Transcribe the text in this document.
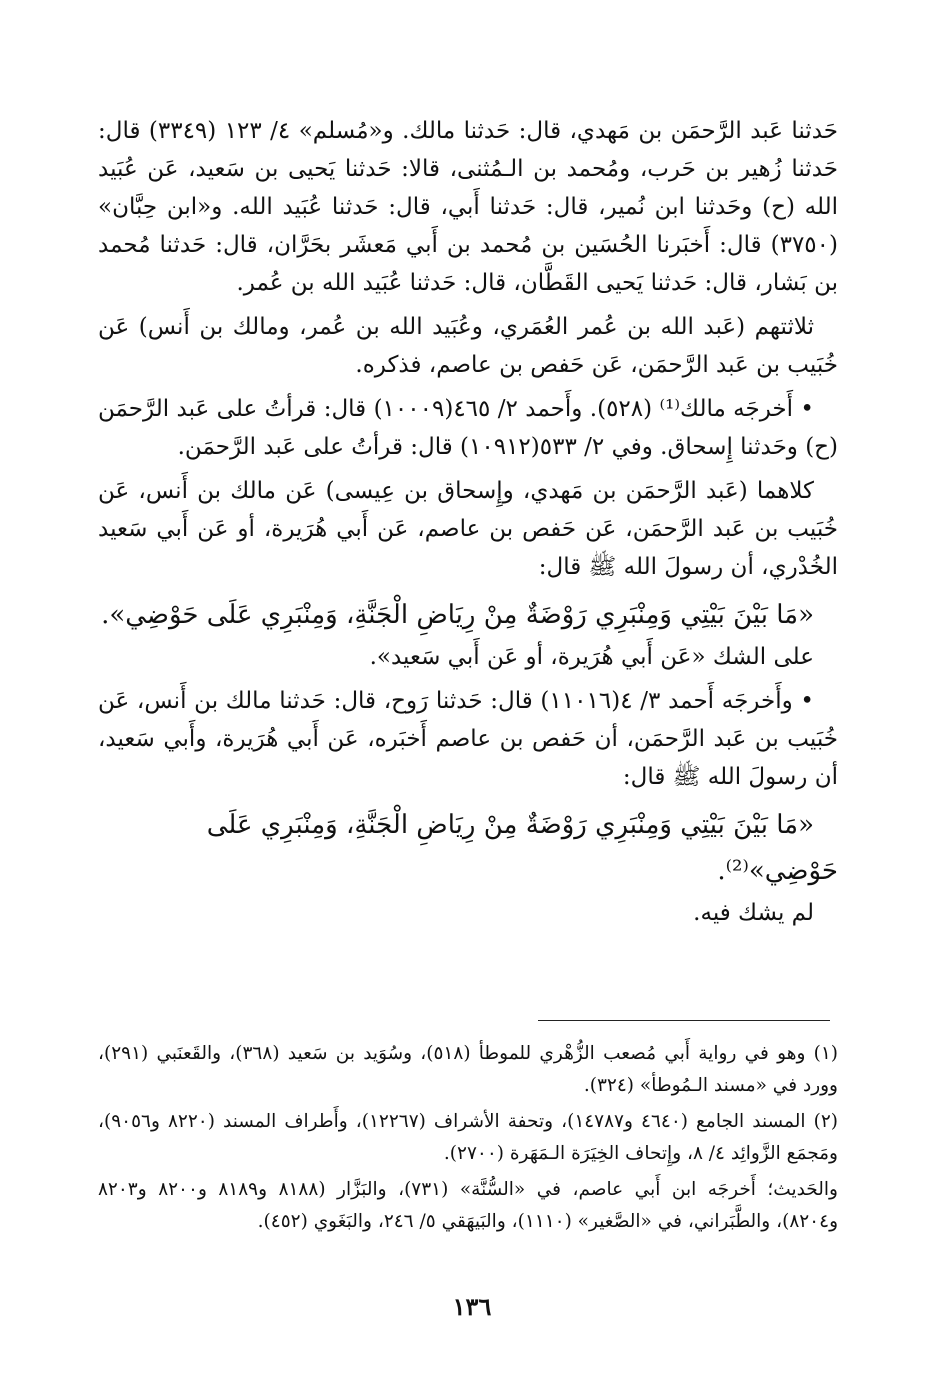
حَدثنا عَبد الرَّحمَن بن مَهدي، قال: حَدثنا مالك. و«مُسلم» ٤/ ١٢٣ (٣٣٤٩) قال: حَدثنا زُهير بن حَرب، ومُحمد بن الـمُثنى، قالا: حَدثنا يَحيى بن سَعيد، عَن عُبَيد الله (ح) وحَدثنا ابن نُمير، قال: حَدثنا أَبي، قال: حَدثنا عُبَيد الله. و«ابن حِبَّان» (٣٧٥٠) قال: أَخبَرنا الحُسَين بن مُحمد بن أَبي مَعشَر بحَرَّان، قال: حَدثنا مُحمد بن بَشار، قال: حَدثنا يَحيى القَطَّان، قال: حَدثنا عُبَيد الله بن عُمر.

ثلاثتهم (عَبد الله بن عُمر العُمَري، وعُبَيد الله بن عُمر، ومالك بن أَنس) عَن خُبَيب بن عَبد الرَّحمَن، عَن حَفص بن عاصم، فذكره.

• أَخرجَه مالك⁽¹⁾ (٥٢٨). وأَحمد ٢/ ٤٦٥(١٠٠٠٩) قال: قرأتُ على عَبد الرَّحمَن (ح) وحَدثنا إِسحاق. وفي ٢/ ٥٣٣(١٠٩١٢) قال: قرأتُ على عَبد الرَّحمَن.

كلاهما (عَبد الرَّحمَن بن مَهدي، وإِسحاق بن عِيسى) عَن مالك بن أَنس، عَن خُبَيب بن عَبد الرَّحمَن، عَن حَفص بن عاصم، عَن أَبي هُرَيرة، أو عَن أَبي سَعيد الخُدْري، أن رسولَ الله ﷺ قال:

«مَا بَيْنَ بَيْتِي وَمِنْبَرِي رَوْضَةٌ مِنْ رِيَاضِ الْجَنَّةِ، وَمِنْبَرِي عَلَى حَوْضِي».

على الشك «عَن أَبي هُرَيرة، أو عَن أَبي سَعيد».

• وأَخرجَه أَحمد ٣/ ٤(١١٠١٦) قال: حَدثنا رَوح، قال: حَدثنا مالك بن أَنس، عَن خُبَيب بن عَبد الرَّحمَن، أن حَفص بن عاصم أَخبَره، عَن أَبي هُرَيرة، وأَبي سَعيد، أن رسولَ الله ﷺ قال:

«مَا بَيْنَ بَيْتِي وَمِنْبَرِي رَوْضَةٌ مِنْ رِيَاضِ الْجَنَّةِ، وَمِنْبَرِي عَلَى حَوْضِي»⁽²⁾.

لم يشك فيه.

(١) وهو في رواية أَبي مُصعب الزُّهْري للموطأ (٥١٨)، وسُوَيد بن سَعيد (٣٦٨)، والقَعنَبي (٢٩١)، وورد في «مسند الـمُوطأ» (٣٢٤).

(٢) المسند الجامع (٤٦٤٠ و١٤٧٨٧)، وتحفة الأشراف (١٢٢٦٧)، وأَطراف المسند (٨٢٢٠ و٩٠٥٦)، ومَجمَع الزَّوائِد ٤/ ٨، وإِتحاف الخِيَرَة الـمَهَرة (٢٧٠٠).

والحَديث؛ أَخرجَه ابن أَبي عاصم، في «السُّنَّة» (٧٣١)، والبَزَّار (٨١٨٨ و٨١٨٩ و٨٢٠٠ و٨٢٠٣ و٨٢٠٤)، والطَّبَراني، في «الصَّغير» (١١١٠)، والبَيهَقي ٥/ ٢٤٦، والبَغَوي (٤٥٢).

١٣٦
